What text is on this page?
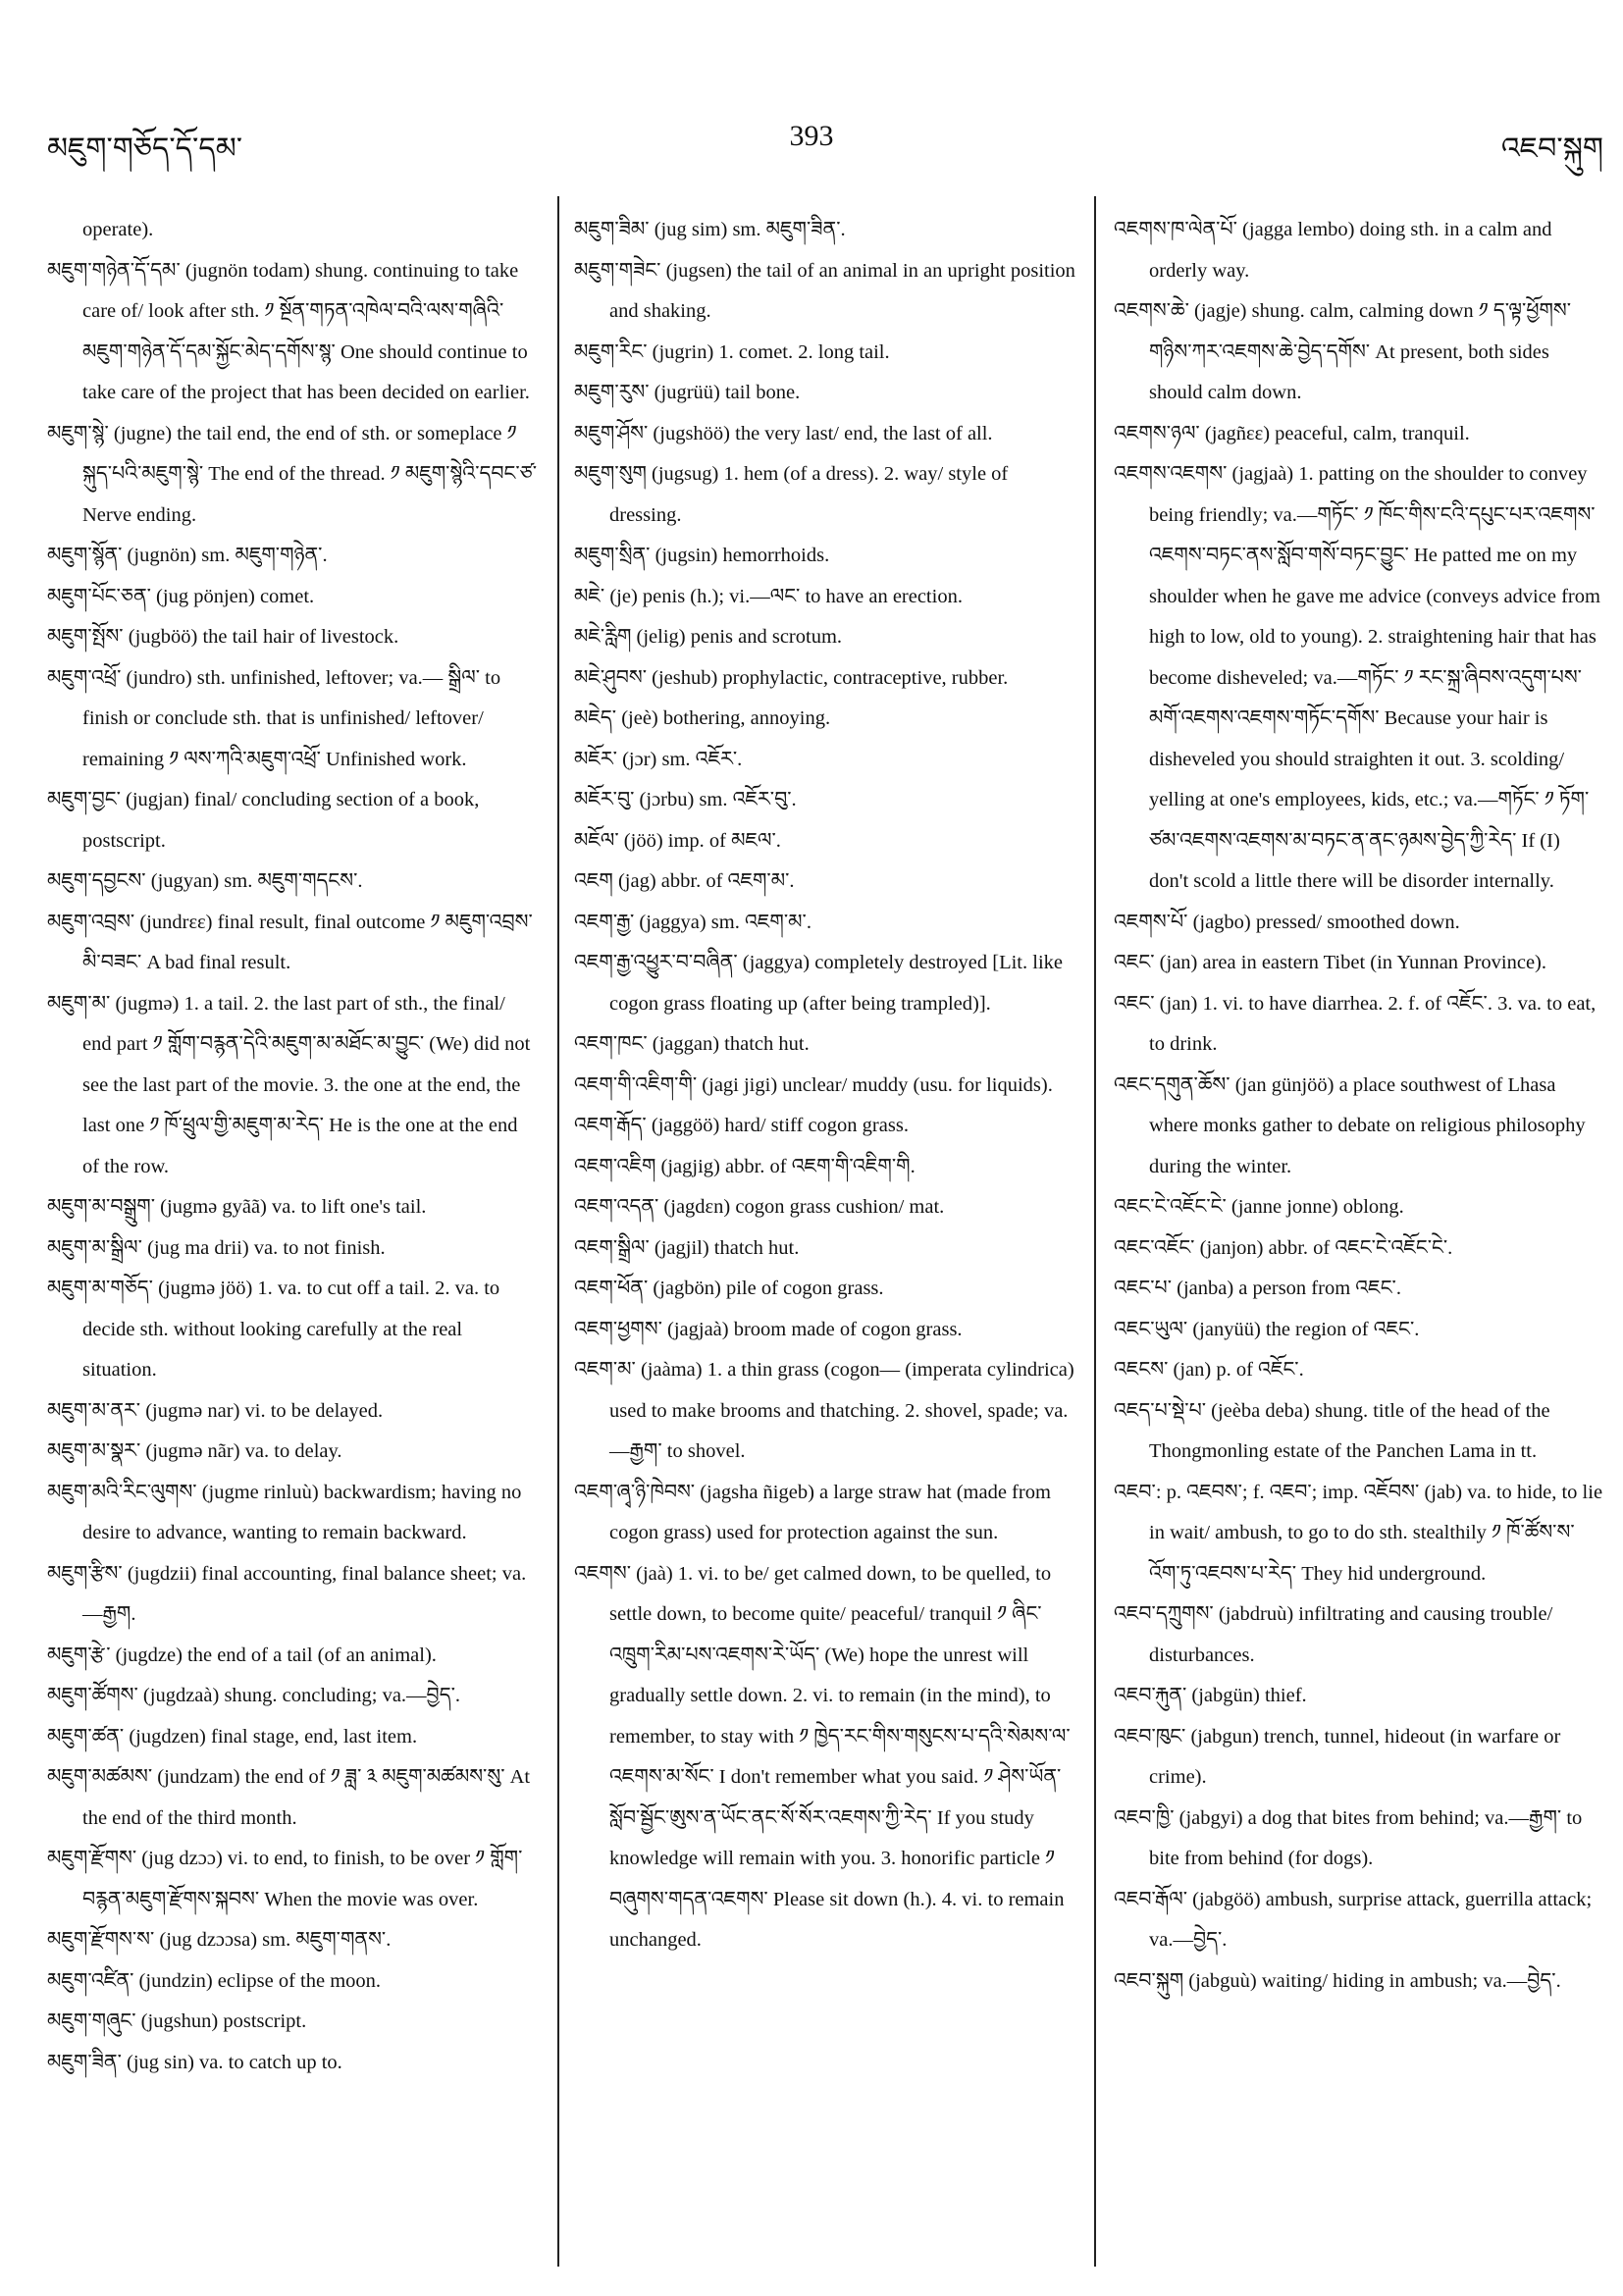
མཇུག་གཅོད་དོ་དམ་	393	འཇབ་སྐུག

operate).

མཇུག་གཉེན་དོ་དམ་ (jugnön todam) shung. continuing to take care of/ look after sth. ༡ སྔོན་གཏན་འཁེལ་བའི་ལས་གཞིའི་མཇུག་གཉེན་དོ་དམ་སྐྱོང་མེད་དགོས་སྙ་ One should continue to take care of the project that has been decided on earlier.

མཇུག་སྙེ་ (jugne) the tail end, the end of sth. or someplace ༡ སྐུད་པའི་མཇུག་སྙེ་ The end of the thread. ༡ མཇུག་སྙེའི་དབང་ཙ་ Nerve ending.

མཇུག་སྙོན་ (jugnön) sm. མཇུག་གཉེན་.

མཇུག་པོང་ཅན་ (jug pönjen) comet.

མཇུག་སྤོས་ (jugböö) the tail hair of livestock.

མཇུག་འཕྲོ་ (jundro) sth. unfinished, leftover; va.— སྒྲིལ་ to finish or conclude sth. that is unfinished/ leftover/ remaining ༡ ལས་ཀའི་མཇུག་འཕྲོ་ Unfinished work.

མཇུག་བྱང་ (jugjan) final/ concluding section of a book, postscript.

མཇུག་དབྱངས་ (jugyan) sm. མཇུག་གདངས་.

མཇུག་འབྲས་ (jundrεε) final result, final outcome ༡ མཇུག་འབྲས་མི་བཟང་ A bad final result.

མཇུག་མ་ (jugmə) 1. a tail. 2. the last part of sth., the final/ end part ༡ གློག་བརྙན་དེའི་མཇུག་མ་མཐོང་མ་བྱུང་ (We) did not see the last part of the movie. 3. the one at the end, the last one ༡ ཁོ་ཕྲུལ་གྱི་མཇུག་མ་རེད་ He is the one at the end of the row.

མཇུག་མ་བསྒྲུག་ (jugmə gyãã) va. to lift one's tail.

མཇུག་མ་སྒྲིལ་ (jug ma drii) va. to not finish.

མཇུག་མ་གཅོད་ (jugmə jöö) 1. va. to cut off a tail. 2. va. to decide sth. without looking carefully at the real situation.

མཇུག་མ་ནར་ (jugmə nar) vi. to be delayed.

མཇུག་མ་སྣར་ (jugmə nãr) va. to delay.

མཇུག་མའི་རིང་ལུགས་ (jugme rinluù) backwardism; having no desire to advance, wanting to remain backward.

མཇུག་རྩིས་ (jugdzii) final accounting, final balance sheet; va.—རྒྱག.

མཇུག་རྩེ་ (jugdze) the end of a tail (of an animal).

མཇུག་ཚོགས་ (jugdzaà) shung. concluding; va.—བྱེད་.

མཇུག་ཚན་ (jugdzen) final stage, end, last item.

མཇུག་མཚམས་ (jundzam) the end of ༡ ཟླ་ ༣ མཇུག་མཚམས་སུ་ At the end of the third month.

མཇུག་རྫོགས་ (jug dzɔɔ) vi. to end, to finish, to be over ༡ གློག་བརྙན་མཇུག་རྫོགས་སྐབས་ When the movie was over.

མཇུག་རྫོགས་ས་ (jug dzɔɔsa) sm. མཇུག་གནས་.

མཇུག་འཛིན་ (jundzin) eclipse of the moon.

མཇུག་གཞུང་ (jugshun) postscript.

མཇུག་ཟིན་ (jug sin) va. to catch up to.

མཇུག་ཟིམ་ (jug sim) sm. མཇུག་ཟིན་.

མཇུག་གཟེང་ (jugsen) the tail of an animal in an upright position and shaking.

མཇུག་རིང་ (jugrin) 1. comet. 2. long tail.

མཇུག་རུས་ (jugrüü) tail bone.

མཇུག་ཤོས་ (jugshöö) the very last/ end, the last of all.

མཇུག་སུག (jugsug) 1. hem (of a dress). 2. way/ style of dressing.

མཇུག་སྲིན་ (jugsin) hemorrhoids.

མཇེ་ (je) penis (h.); vi.—ལང་ to have an erection.

མཇེ་རླིག (jelig) penis and scrotum.

མཇེ་ཤུབས་ (jeshub) prophylactic, contraceptive, rubber.

མཇེད་ (jeè) bothering, annoying.

མཇོར་ (jɔr) sm. འཇོར་.

མཇོར་བུ་ (jɔrbu) sm. འཇོར་བུ་.

མཇོལ་ (jöö) imp. of མཇལ་.

འཇག (jag) abbr. of འཇག་མ་.

འཇག་རྒྱ་ (jaggya) sm. འཇག་མ་.

འཇག་རྒྱ་འཕྱུར་བ་བཞིན་ (jaggya) completely destroyed [Lit. like cogon grass floating up (after being trampled)].

འཇག་ཁང་ (jaggan) thatch hut.

འཇག་གི་འཇིག་གི་ (jagi jigi) unclear/ muddy (usu. for liquids).

འཇག་རྒོད་ (jaggöö) hard/ stiff cogon grass.

འཇག་འཇིག (jagjig) abbr. of འཇག་གི་འཇིག་གི.

འཇག་འདན་ (jagdεn) cogon grass cushion/ mat.

འཇག་སྒྲིལ་ (jagjil) thatch hut.

འཇག་ཕོན་ (jagbön) pile of cogon grass.

འཇག་ཕྱགས་ (jagjaà) broom made of cogon grass.

འཇག་མ་ (jaàma) 1. a thin grass (cogon— (imperata cylindrica) used to make brooms and thatching. 2. shovel, spade; va.—རྒྱག་ to shovel.

འཇག་ཞྭ་ཉི་ཁེབས་ (jagsha ñigeb) a large straw hat (made from cogon grass) used for protection against the sun.

འཇགས་ (jaà) 1. vi. to be/ get calmed down, to be quelled, to settle down, to become quite/ peaceful/ tranquil ༡ ཞིང་འཁྲུག་རིམ་པས་འཇགས་རེ་ཡོད་ (We) hope the unrest will gradually settle down. 2. vi. to remain (in the mind), to remember, to stay with ༡ ཁྱེད་རང་གིས་གསུངས་པ་དའི་སེམས་ལ་འཇགས་མ་སོང་ I don't remember what you said. ༡ ཤེས་ཡོན་སློབ་སྦྱོང་ཨུས་ན་ཡོང་ནང་སོ་སོར་འཇགས་ཀྱི་རེད་ If you study knowledge will remain with you. 3. honorific particle ༡ བཞུགས་གདན་འཇགས་ Please sit down (h.). 4. vi. to remain unchanged.

འཇགས་ཁ་ལེན་པོ་ (jagga lembo) doing sth. in a calm and orderly way.

འཇགས་ཆེ་ (jagje) shung. calm, calming down ༡ ད་ལྟ་ཕྱོགས་གཉིས་ཀར་འཇགས་ཆེ་བྱེད་དགོས་ At present, both sides should calm down.

འཇགས་ཉལ་ (jagñεε) peaceful, calm, tranquil.

འཇགས་འཇགས་ (jagjaà) 1. patting on the shoulder to convey being friendly; va.—གཏོང་ ༡ ཁོང་གིས་ངའི་དཔུང་པར་འཇགས་འཇགས་བཏང་ནས་སློབ་གསོ་བཏང་བྱུང་ He patted me on my shoulder when he gave me advice (conveys advice from high to low, old to young). 2. straightening hair that has become disheveled; va.—གཏོང་ ༡ རང་སྐྲ་ཞིབས་འདུག་པས་མགོ་འཇགས་འཇགས་གཏོང་དགོས་ Because your hair is disheveled you should straighten it out. 3. scolding/ yelling at one's employees, kids, etc.; va.—གཏོང་ ༡ ཏོག་ཙམ་འཇགས་འཇགས་མ་བཏང་ན་ནང་ཉམས་བྱེད་ཀྱི་རེད་ If (I) don't scold a little there will be disorder internally.

འཇགས་པོ་ (jagbo) pressed/ smoothed down.

འཇང་ (jan) area in eastern Tibet (in Yunnan Province).

འཇང་ (jan) 1. vi. to have diarrhea. 2. f. of འཇོང་. 3. va. to eat, to drink.

འཇང་དགུན་ཆོས་ (jan günjöö) a place southwest of Lhasa where monks gather to debate on religious philosophy during the winter.

འཇང་ངེ་འཇོང་ངེ་ (janne jonne) oblong.

འཇང་འཇོང་ (janjon) abbr. of འཇང་ངེ་འཇོང་ངེ་.

འཇང་པ་ (janba) a person from འཇང་.

འཇང་ཡུལ་ (janyüü) the region of འཇང་.

འཇངས་ (jan) p. of འཇོང་.

འཇད་པ་སྡེ་པ་ (jeèba deba) shung. title of the head of the Thongmonling estate of the Panchen Lama in tt.

འཇབ་: p. འཇབས་; f. འཇབ་; imp. འཇོབས་ (jab) va. to hide, to lie in wait/ ambush, to go to do sth. stealthily ༡ ཁོ་ཚོས་ས་འོག་ཏུ་འཇབས་པ་རེད་ They hid underground.

འཇབ་དཀྲུགས་ (jabdruù) infiltrating and causing trouble/ disturbances.

འཇབ་རྐུན་ (jabgün) thief.

འཇབ་ཁུང་ (jabgun) trench, tunnel, hideout (in warfare or crime).

འཇབ་ཁྱི་ (jabgyi) a dog that bites from behind; va.—རྒྱག་ to bite from behind (for dogs).

འཇབ་རྒོལ་ (jabgöö) ambush, surprise attack, guerrilla attack; va.—བྱེད་.

འཇབ་སྐུག (jabguù) waiting/ hiding in ambush; va.—བྱེད་.
